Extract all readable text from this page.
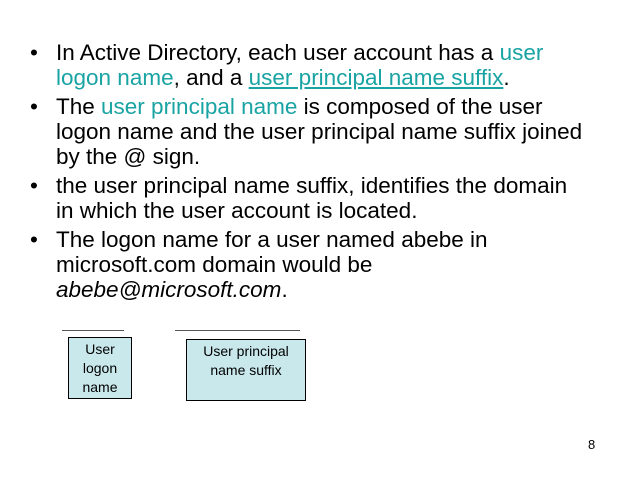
• In Active Directory, each user account has a user logon name, and a user principal name suffix.
• The user principal name is composed of the user logon name and the user principal name suffix joined by the @ sign.
• the user principal name suffix, identifies the domain in which the user account is located.
• The logon name for a user named abebe in microsoft.com domain would be abebe@microsoft.com.
User
logon
name
User principal
name suffix
8
